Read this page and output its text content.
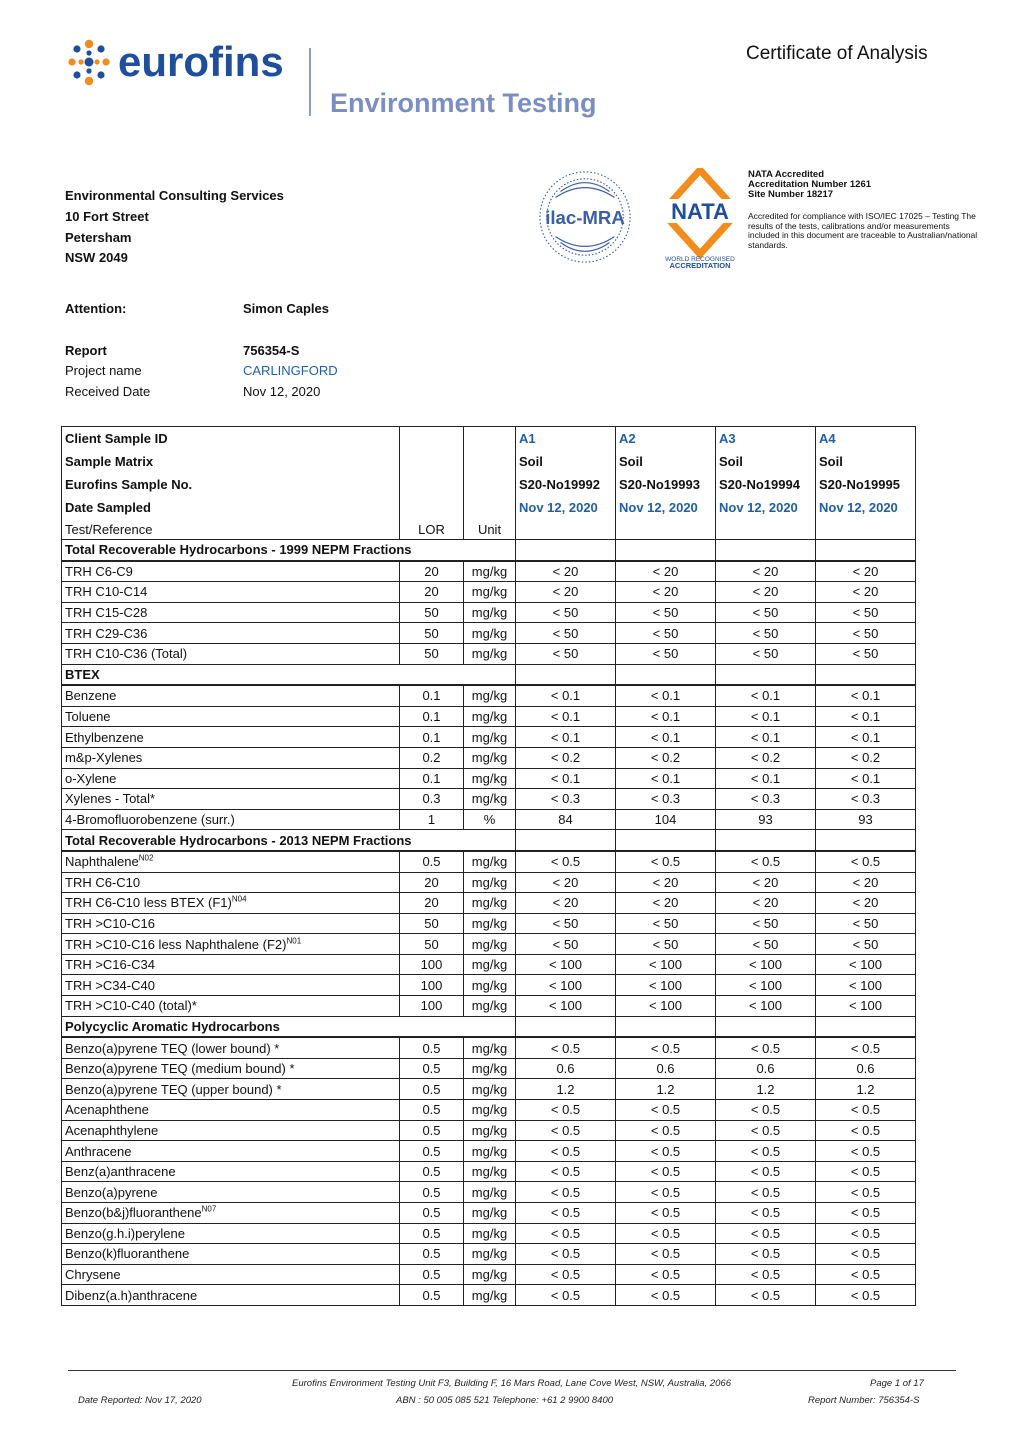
eurofins
Environment Testing
Certificate of Analysis
Environmental Consulting Services
10 Fort Street
Petersham
NSW 2049
ilac-MRA NATA
WORLD RECOGNISED
ACCREDITATION
NATA Accredited
Accreditation Number 1261
Site Number 18217
Accredited for compliance with ISO/IEC 17025 – Testing The results of the tests, calibrations and/or measurements included in this document are traceable to Australian/national standards.
Attention:	Simon Caples
Report	756354-S
Project name	CARLINGFORD
Received Date	Nov 12, 2020
Client Sample ID			A1	A2	A3	A4
Sample Matrix			Soil	Soil	Soil	Soil
Eurofins Sample No.			S20-No19992	S20-No19993	S20-No19994	S20-No19995
Date Sampled			Nov 12, 2020	Nov 12, 2020	Nov 12, 2020	Nov 12, 2020
Test/Reference	LOR	Unit				
Total Recoverable Hydrocarbons - 1999 NEPM Fractions						
TRH C6-C9	20	mg/kg	< 20	< 20	< 20	< 20
TRH C10-C14	20	mg/kg	< 20	< 20	< 20	< 20
TRH C15-C28	50	mg/kg	< 50	< 50	< 50	< 50
TRH C29-C36	50	mg/kg	< 50	< 50	< 50	< 50
TRH C10-C36 (Total)	50	mg/kg	< 50	< 50	< 50	< 50
BTEX						
Benzene	0.1	mg/kg	< 0.1	< 0.1	< 0.1	< 0.1
Toluene	0.1	mg/kg	< 0.1	< 0.1	< 0.1	< 0.1
Ethylbenzene	0.1	mg/kg	< 0.1	< 0.1	< 0.1	< 0.1
m&p-Xylenes	0.2	mg/kg	< 0.2	< 0.2	< 0.2	< 0.2
o-Xylene	0.1	mg/kg	< 0.1	< 0.1	< 0.1	< 0.1
Xylenes - Total*	0.3	mg/kg	< 0.3	< 0.3	< 0.3	< 0.3
4-Bromofluorobenzene (surr.)	1	%	84	104	93	93
Total Recoverable Hydrocarbons - 2013 NEPM Fractions						
Naphthalene$^{N02}$	0.5	mg/kg	< 0.5	< 0.5	< 0.5	< 0.5
TRH C6-C10	20	mg/kg	< 20	< 20	< 20	< 20
TRH C6-C10 less BTEX $(F1)^{N04}$	20	mg/kg	< 20	< 20	< 20	< 20
TRH >C10-C16	50	mg/kg	< 50	< 50	< 50	< 50
TRH >C10-C16 less Naphthalene $(F2)^{N01}$	50	mg/kg	< 50	< 50	< 50	< 50
TRH >C16-C34	100	mg/kg	< 100	< 100	< 100	< 100
TRH >C34-C40	100	mg/kg	< 100	< 100	< 100	< 100
TRH >C10-C40 (total)*	100	mg/kg	< 100	< 100	< 100	< 100
Polycyclic Aromatic Hydrocarbons						
Benzo(a)pyrene TEQ (lower bound) *	0.5	mg/kg	< 0.5	< 0.5	< 0.5	< 0.5
Benzo(a)pyrene TEQ (medium bound) *	0.5	mg/kg	0.6	0.6	0.6	0.6
Benzo(a)pyrene TEQ (upper bound) *	0.5	mg/kg	1.2	1.2	1.2	1.2
Acenaphthene	0.5	mg/kg	< 0.5	< 0.5	< 0.5	< 0.5
Acenaphthylene	0.5	mg/kg	< 0.5	< 0.5	< 0.5	< 0.5
Anthracene	0.5	mg/kg	< 0.5	< 0.5	< 0.5	< 0.5
Benz(a)anthracene	0.5	mg/kg	< 0.5	< 0.5	< 0.5	< 0.5
Benzo(a)pyrene	0.5	mg/kg	< 0.5	< 0.5	< 0.5	< 0.5
Benzo(b&j)fluoranthene$^{N07}$	0.5	mg/kg	< 0.5	< 0.5	< 0.5	< 0.5
Benzo(g.h.i)perylene	0.5	mg/kg	< 0.5	< 0.5	< 0.5	< 0.5
Benzo(k)fluoranthene	0.5	mg/kg	< 0.5	< 0.5	< 0.5	< 0.5
Chrysene	0.5	mg/kg	< 0.5	< 0.5	< 0.5	< 0.5
Dibenz(a.h)anthracene	0.5	mg/kg	< 0.5	< 0.5	< 0.5	< 0.5
Eurofins Environment Testing Unit F3, Building F, 16 Mars Road, Lane Cove West, NSW, Australia, 2066	Page 1 of 17
Date Reported: Nov 17, 2020	ABN : 50 005 085 521 Telephone: +61 2 9900 8400	Report Number: 756354-S
